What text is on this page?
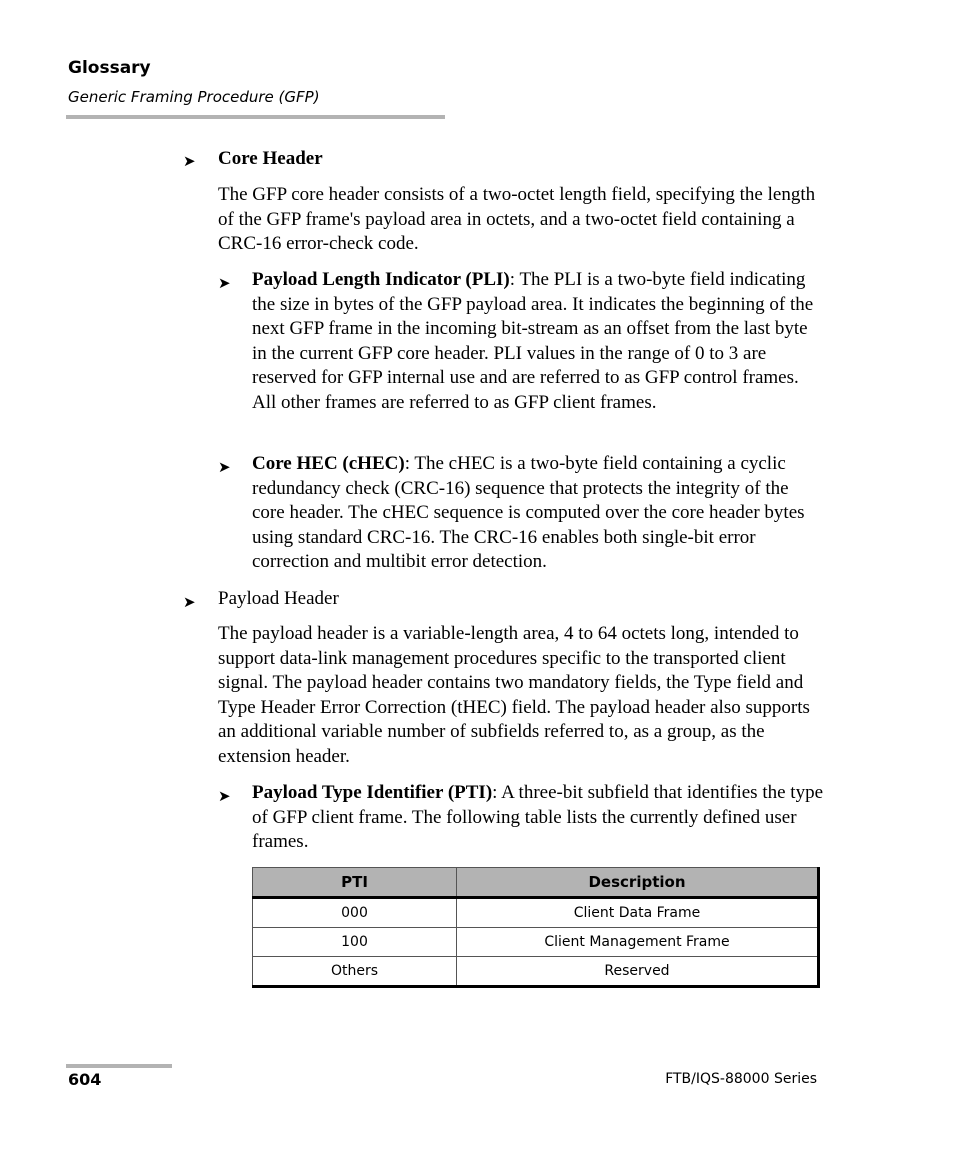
Glossary
Generic Framing Procedure (GFP)
➤ Core Header
The GFP core header consists of a two-octet length field, specifying the length of the GFP frame's payload area in octets, and a two-octet field containing a CRC-16 error-check code.
➤ Payload Length Indicator (PLI): The PLI is a two-byte field indicating the size in bytes of the GFP payload area. It indicates the beginning of the next GFP frame in the incoming bit-stream as an offset from the last byte in the current GFP core header. PLI values in the range of 0 to 3 are reserved for GFP internal use and are referred to as GFP control frames. All other frames are referred to as GFP client frames.
➤ Core HEC (cHEC): The cHEC is a two-byte field containing a cyclic redundancy check (CRC-16) sequence that protects the integrity of the core header. The cHEC sequence is computed over the core header bytes using standard CRC-16. The CRC-16 enables both single-bit error correction and multibit error detection.
➤ Payload Header
The payload header is a variable-length area, 4 to 64 octets long, intended to support data-link management procedures specific to the transported client signal. The payload header contains two mandatory fields, the Type field and Type Header Error Correction (tHEC) field. The payload header also supports an additional variable number of subfields referred to, as a group, as the extension header.
➤ Payload Type Identifier (PTI): A three-bit subfield that identifies the type of GFP client frame. The following table lists the currently defined user frames.
PTI	Description
000	Client Data Frame
100	Client Management Frame
Others	Reserved
604	FTB/IQS-88000 Series
